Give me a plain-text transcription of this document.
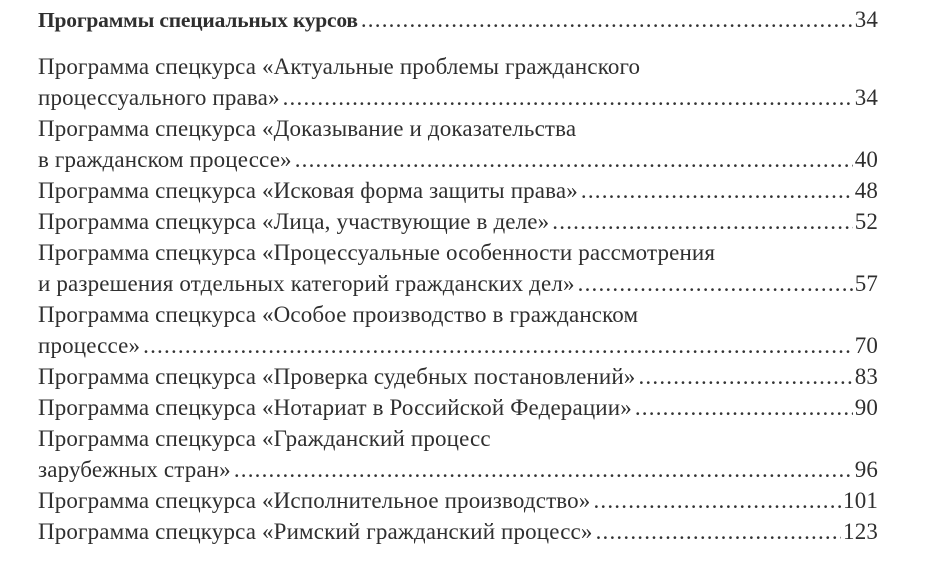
Программы специальных курсов .....	34
Программа спецкурса «Актуальные проблемы гражданского
процессуального права» .....	34
Программа спецкурса «Доказывание и доказательства
в гражданском процессе» .....	40
Программа спецкурса «Исковая форма защиты права» .....	48
Программа спецкурса «Лица, участвующие в деле» .....	52
Программа спецкурса «Процессуальные особенности рассмотрения
и разрешения отдельных категорий гражданских дел» .....	57
Программа спецкурса «Особое производство в гражданском
процессе» .....	70
Программа спецкурса «Проверка судебных постановлений» .....	83
Программа спецкурса «Нотариат в Российской Федерации» .....	90
Программа спецкурса «Гражданский процесс
зарубежных стран» .....	96
Программа спецкурса «Исполнительное производство» .....	101
Программа спецкурса «Римский гражданский процесс» .....	123
